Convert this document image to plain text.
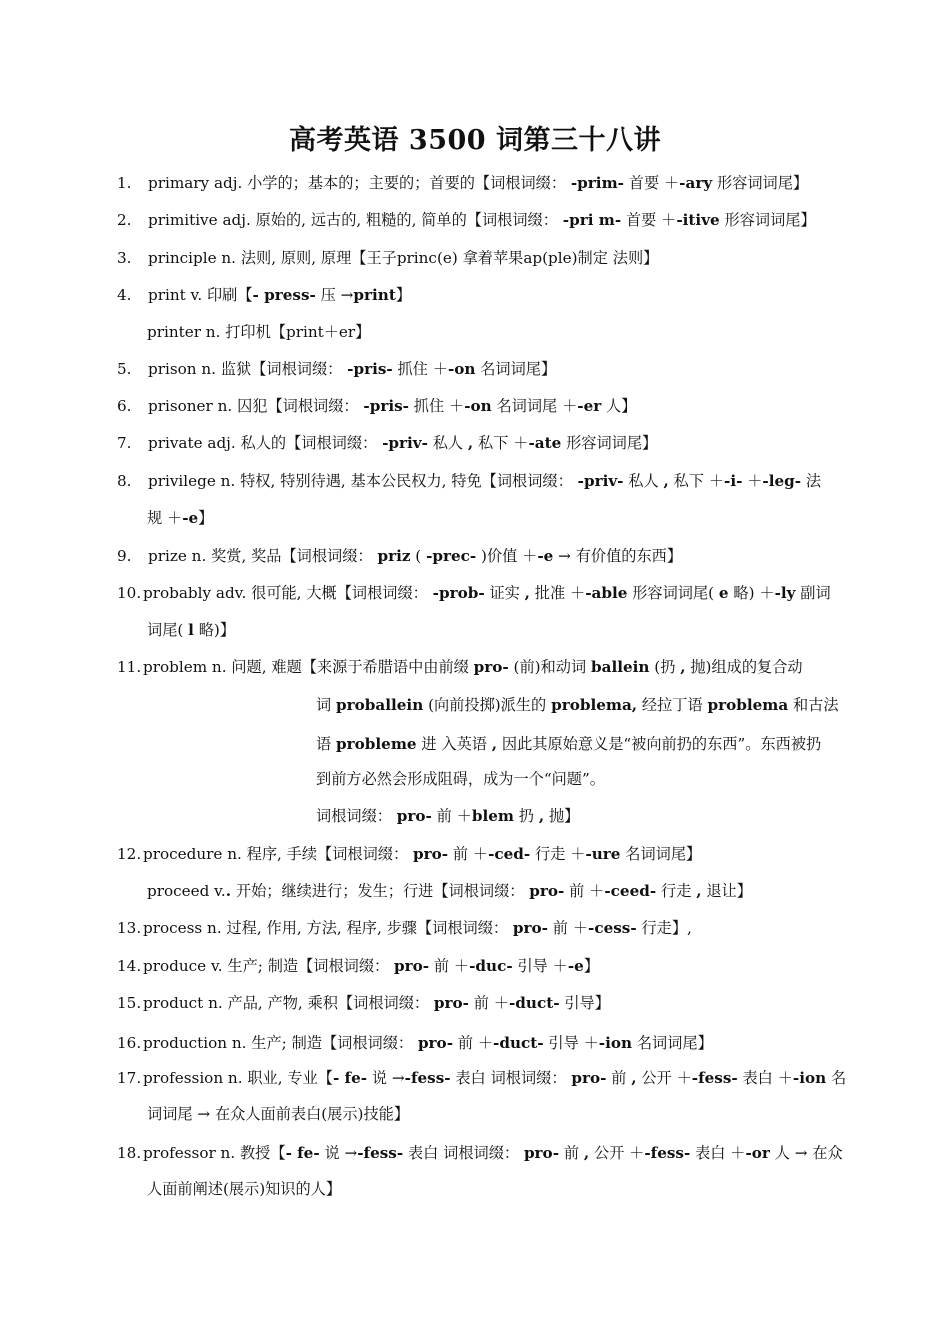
高考英语 3500 词第三十八讲
1. primary adj. 小学的；基本的；主要的；首要的【词根词缀： -prim- 首要 ＋-ary 形容词词尾】
2. primitive adj. 原始的, 远古的, 粗糙的, 简单的【词根词缀： -pri m- 首要 ＋-itive 形容词词尾】
3. principle n. 法则, 原则, 原理【王子princ(e) 拿着苹果ap(ple)制定 法则】
4. print v. 印刷【- press- 压 →print】
printer n. 打印机【print＋er】
5. prison n. 监狱【词根词缀： -pris- 抓住 ＋-on 名词词尾】
6. prisoner n. 囚犯【词根词缀： -pris- 抓住 ＋-on 名词词尾 ＋-er 人】
7. private adj. 私人的【词根词缀： -priv- 私人 , 私下 ＋-ate 形容词词尾】
8. privilege n. 特权, 特别待遇, 基本公民权力, 特免【词根词缀： -priv- 私人 , 私下 ＋-i- ＋-leg- 法
规 ＋-e】
9. prize n. 奖赏, 奖品【词根词缀： priz ( -prec- )价值 ＋-e → 有价值的东西】
10. probably adv. 很可能, 大概【词根词缀： -prob- 证实 , 批准 ＋-able 形容词词尾( e 略) ＋-ly 副词
词尾( l 略)】
11. problem n. 问题, 难题【来源于希腊语中由前缀 pro- (前)和动词 ballein (扔 , 抛)组成的复合动
词 proballein (向前投掷)派生的 problema, 经拉丁语 problema 和古法
语 probleme 进 入英语 , 因此其原始意义是“被向前扔的东西”。东西被扔
到前方必然会形成阻碍，成为一个“问题”。
词根词缀： pro- 前 ＋blem 扔 , 抛】
12. procedure n. 程序, 手续【词根词缀： pro- 前 ＋-ced- 行走 ＋-ure 名词词尾】
proceed v.. 开始；继续进行；发生；行进【词根词缀： pro- 前 ＋-ceed- 行走 , 退让】
13. process n. 过程, 作用, 方法, 程序, 步骤【词根词缀： pro- 前 ＋-cess- 行走】,
14. produce v. 生产; 制造【词根词缀： pro- 前 ＋-duc- 引导 ＋-e】
15. product n. 产品, 产物, 乘积【词根词缀： pro- 前 ＋-duct- 引导】
16. production n. 生产; 制造【词根词缀： pro- 前 ＋-duct- 引导 ＋-ion 名词词尾】
17. profession n. 职业, 专业【- fe- 说 →-fess- 表白 词根词缀： pro- 前 , 公开 ＋-fess- 表白 ＋-ion 名
词词尾 → 在众人面前表白(展示)技能】
18. professor n. 教授【- fe- 说 →-fess- 表白 词根词缀： pro- 前 , 公开 ＋-fess- 表白 ＋-or 人 → 在众
人面前阐述(展示)知识的人】
